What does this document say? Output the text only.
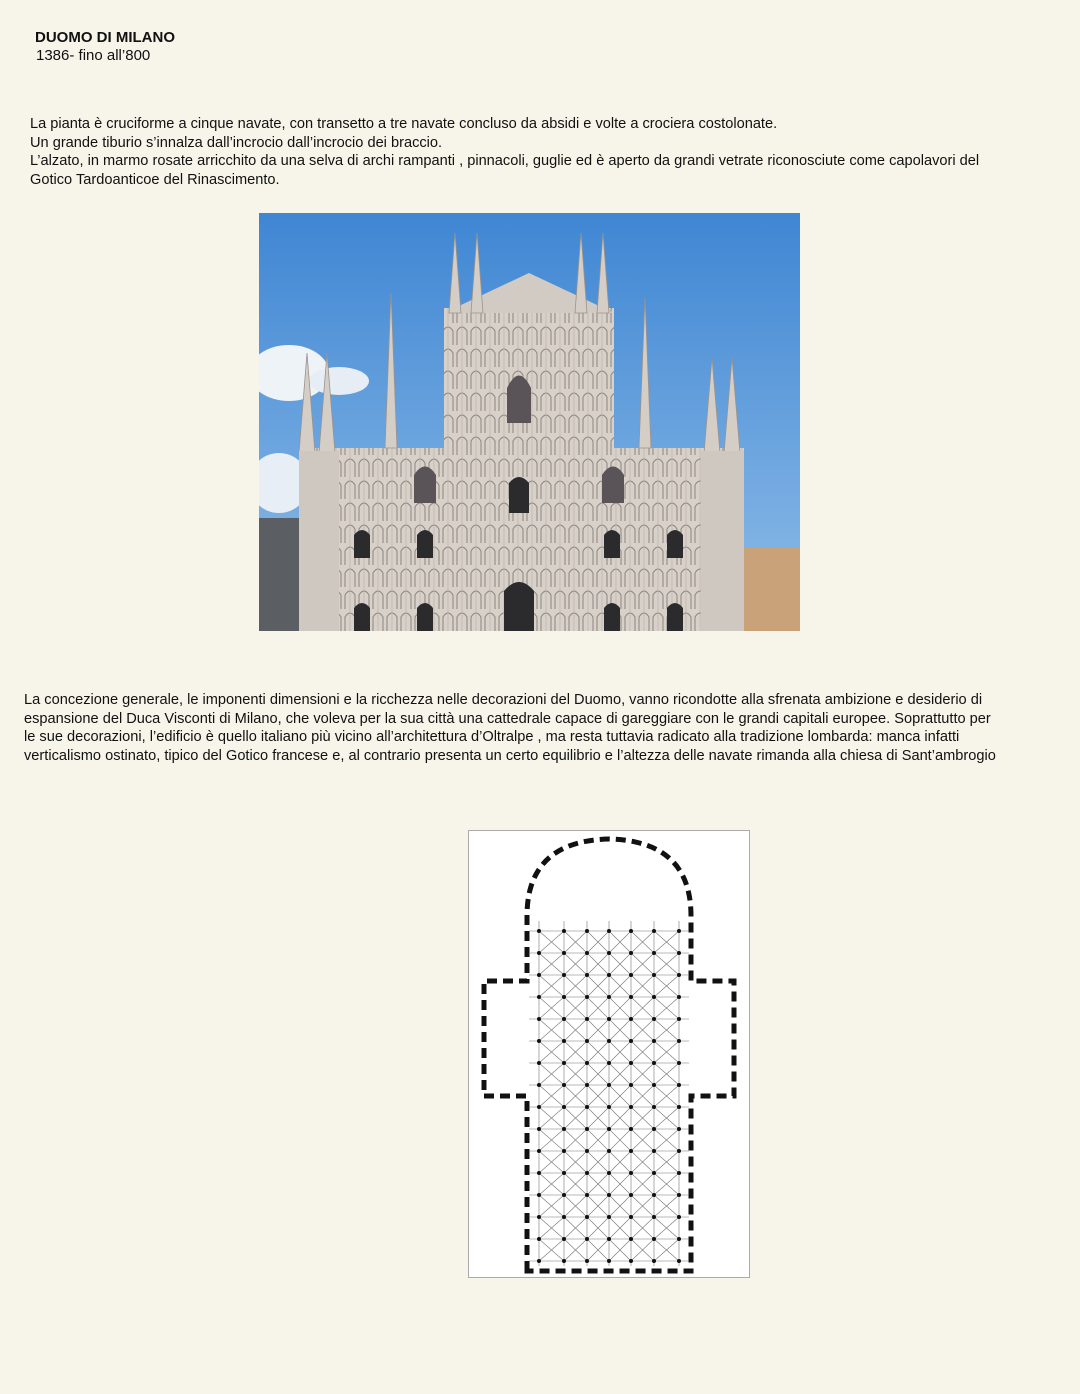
DUOMO DI MILANO
1386- fino all’800
La pianta è cruciforme a cinque navate, con transetto a tre navate concluso da absidi e volte a crociera costolonate.
Un grande tiburio s’innalza dall’incrocio dall’incrocio dei braccio.
L’alzato, in marmo rosate arricchito da una selva di archi rampanti , pinnacoli, guglie ed è aperto da grandi vetrate riconosciute come capolavori del
Gotico Tardoanticoe del Rinascimento.
La concezione generale, le imponenti dimensioni e la ricchezza nelle decorazioni del Duomo, vanno ricondotte alla sfrenata ambizione e desiderio di
espansione del Duca Visconti di Milano, che voleva per la sua città una cattedrale capace di gareggiare con le grandi capitali europee. Soprattutto per
le sue decorazioni, l’edificio è quello italiano più vicino all’architettura d’Oltralpe , ma resta tuttavia radicato alla tradizione lombarda: manca infatti
verticalismo ostinato, tipico del Gotico francese e, al contrario presenta un certo equilibrio e l’altezza delle navate rimanda alla chiesa di Sant’ambrogio
